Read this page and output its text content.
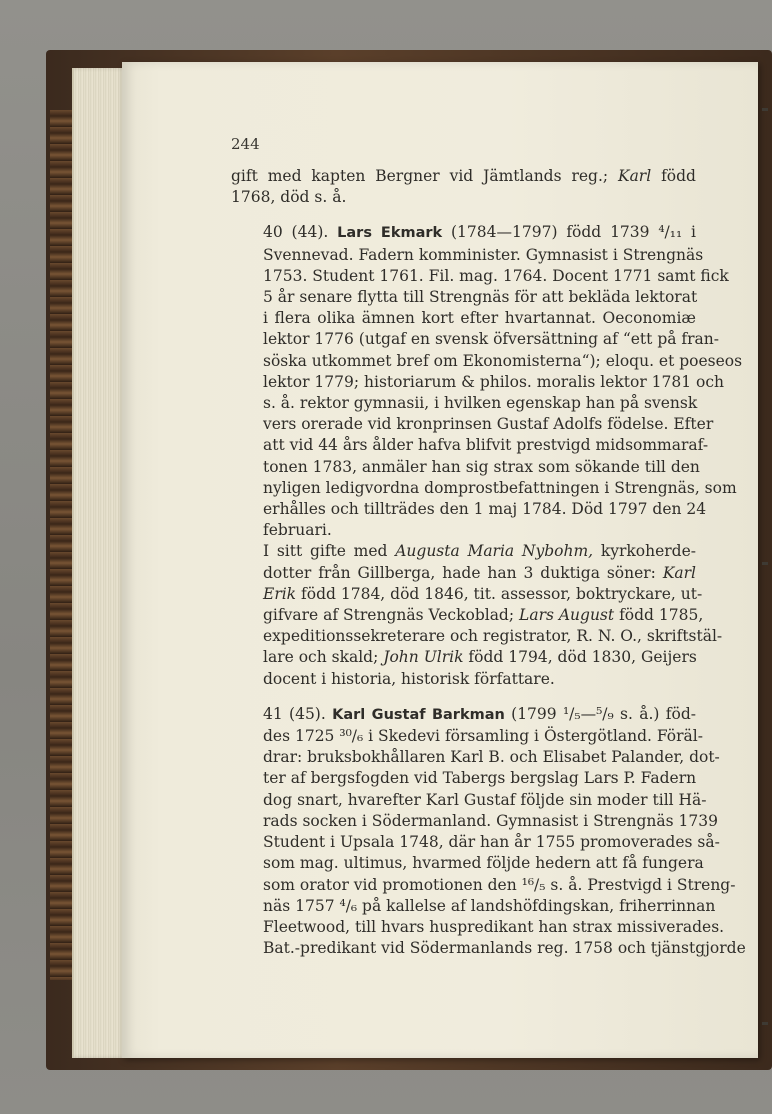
244

gift med kapten Bergner vid Jämtlands reg.; Karl född
1768, död s. å.

40 (44). Lars Ekmark (1784—1797) född 1739 ⁴/₁₁ i
Svennevad. Fadern komminister. Gymnasist i Strengnäs
1753. Student 1761. Fil. mag. 1764. Docent 1771 samt fick
5 år senare flytta till Strengnäs för att bekläda lektorat
i flera olika ämnen kort efter hvartannat. Oeconomiæ
lektor 1776 (utgaf en svensk öfversättning af “ett på fran-
söska utkommet bref om Ekonomisterna“); eloqu. et poeseos
lektor 1779; historiarum & philos. moralis lektor 1781 och
s. å. rektor gymnasii, i hvilken egenskap han på svensk
vers orerade vid kronprinsen Gustaf Adolfs födelse. Efter
att vid 44 års ålder hafva blifvit prestvigd midsommaraf-
tonen 1783, anmäler han sig strax som sökande till den
nyligen ledigvordna domprostbefattningen i Strengnäs, som
erhålles och tillträdes den 1 maj 1784. Död 1797 den 24
februari.

I sitt gifte med Augusta Maria Nybohm, kyrkoherde-
dotter från Gillberga, hade han 3 duktiga söner: Karl
Erik född 1784, död 1846, tit. assessor, boktryckare, ut-
gifvare af Strengnäs Veckoblad; Lars August född 1785,
expeditionssekreterare och registrator, R. N. O., skriftstäl-
lare och skald; John Ulrik född 1794, död 1830, Geijers
docent i historia, historisk författare.

41 (45). Karl Gustaf Barkman (1799 ¹/₅—⁵/₉ s. å.) föd-
des 1725 ³⁰/₆ i Skedevi församling i Östergötland. Föräl-
drar: bruksbokhållaren Karl B. och Elisabet Palander, dot-
ter af bergsfogden vid Tabergs bergslag Lars P. Fadern
dog snart, hvarefter Karl Gustaf följde sin moder till Hä-
rads socken i Södermanland. Gymnasist i Strengnäs 1739
Student i Upsala 1748, där han år 1755 promoverades så-
som mag. ultimus, hvarmed följde hedern att få fungera
som orator vid promotionen den ¹⁶/₅ s. å. Prestvigd i Streng-
näs 1757 ⁴/₆ på kallelse af landshöfdingskan, friherrinnan
Fleetwood, till hvars huspredikant han strax missiverades.
Bat.-predikant vid Södermanlands reg. 1758 och tjänstgjorde
